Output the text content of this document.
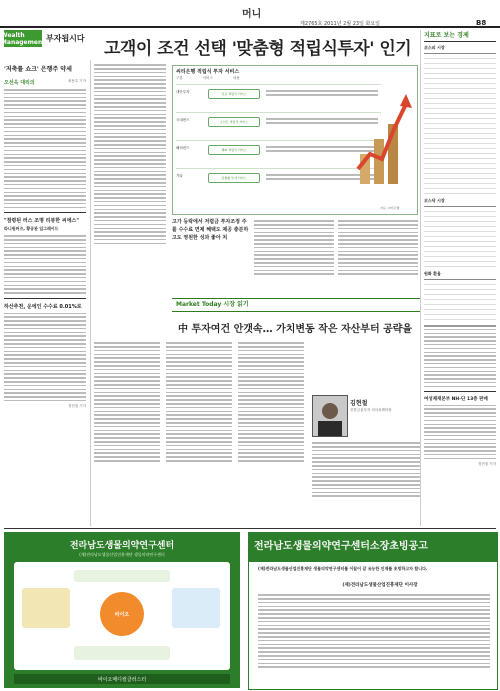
머니
제2765호 2011년 2월 23일 화요일	B8
Wealth Management 부자됩시다
고객이 조건 선택 '맞춤형 적립식투자' 인기
'저축률 쇼크' 은행주 약세
오선옥 대리의	최용호 기자
"점령된 러스 조명 리뷰한 씨에스"
라니원커즈, 황공관 입그레이드
하산추천, 운에인 수수료 0.01%로
정현철 기자
씨티은행 적립식 투자 서비스
구분	서비스	내용
대안투자	목표 적립식 서비스
국내펀드	포인트 적립식 서비스
해외펀드	해외 적립식 서비스
기타	맞춤형 투자 서비스
자료: 씨티은행
고가 등락에서 저렴금 투자조정 주를 수수료 면제 혜택도 제공 충분하고도 영원한 성과 좋아 처
Market Today 시장 읽기
中 투자여건 안갯속… 가치변동 작은 자산부터 공략을
김현철
신한금융투자 리서치센터장
지표로 보는 경제
코스피 시장
코스닥 시장
원화 환율
여성제재본부 NH-단 13층 판매
정현철 기자
전라남도생물의약연구센터
(재)전라남도생물산업진흥재단 생물의약연구센터
바이오
바이오메디컬클러스터
전라남도생물의약연구센터소장초빙공고
(재)전라남도생물산업진흥재단 생물의약연구센터를 이끌어 갈 유능한 인재를 초빙하고자 합니다.
(재)전라남도생물산업진흥재단 이사장
